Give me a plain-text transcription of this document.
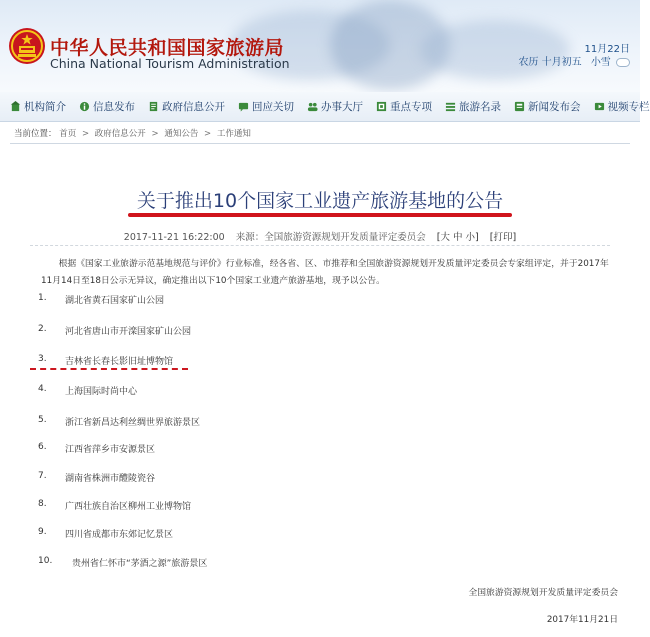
中华人民共和国国家旅游局
China National Tourism Administration
11月22日
农历 十月初五 小雪
机构简介	信息发布	政府信息公开	回应关切	办事大厅	重点专项	旅游名录	新闻发布会	视频专栏
当前位置： 首页 > 政府信息公开 > 通知公告 > 工作通知
关于推出10个国家工业遗产旅游基地的公告
2017-11-21 16:22:00 来源：全国旅游资源规划开发质量评定委员会 [大 中 小] [打印]

根据《国家工业旅游示范基地规范与评价》行业标准，经各省、区、市推荐和全国旅游资源规划开发质量评定委员会专家组评定，并于2017年11月14日至18日公示无异议，确定推出以下10个国家工业遗产旅游基地，现予以公告。

1.	湖北省黄石国家矿山公园
2.	河北省唐山市开滦国家矿山公园
3.	吉林省长春长影旧址博物馆
4.	上海国际时尚中心
5.	浙江省新昌达利丝绸世界旅游景区
6.	江西省萍乡市安源景区
7.	湖南省株洲市醴陵瓷谷
8.	广西壮族自治区柳州工业博物馆
9.	四川省成都市东郊记忆景区
10.	贵州省仁怀市“茅酒之源”旅游景区
全国旅游资源规划开发质量评定委员会
2017年11月21日
